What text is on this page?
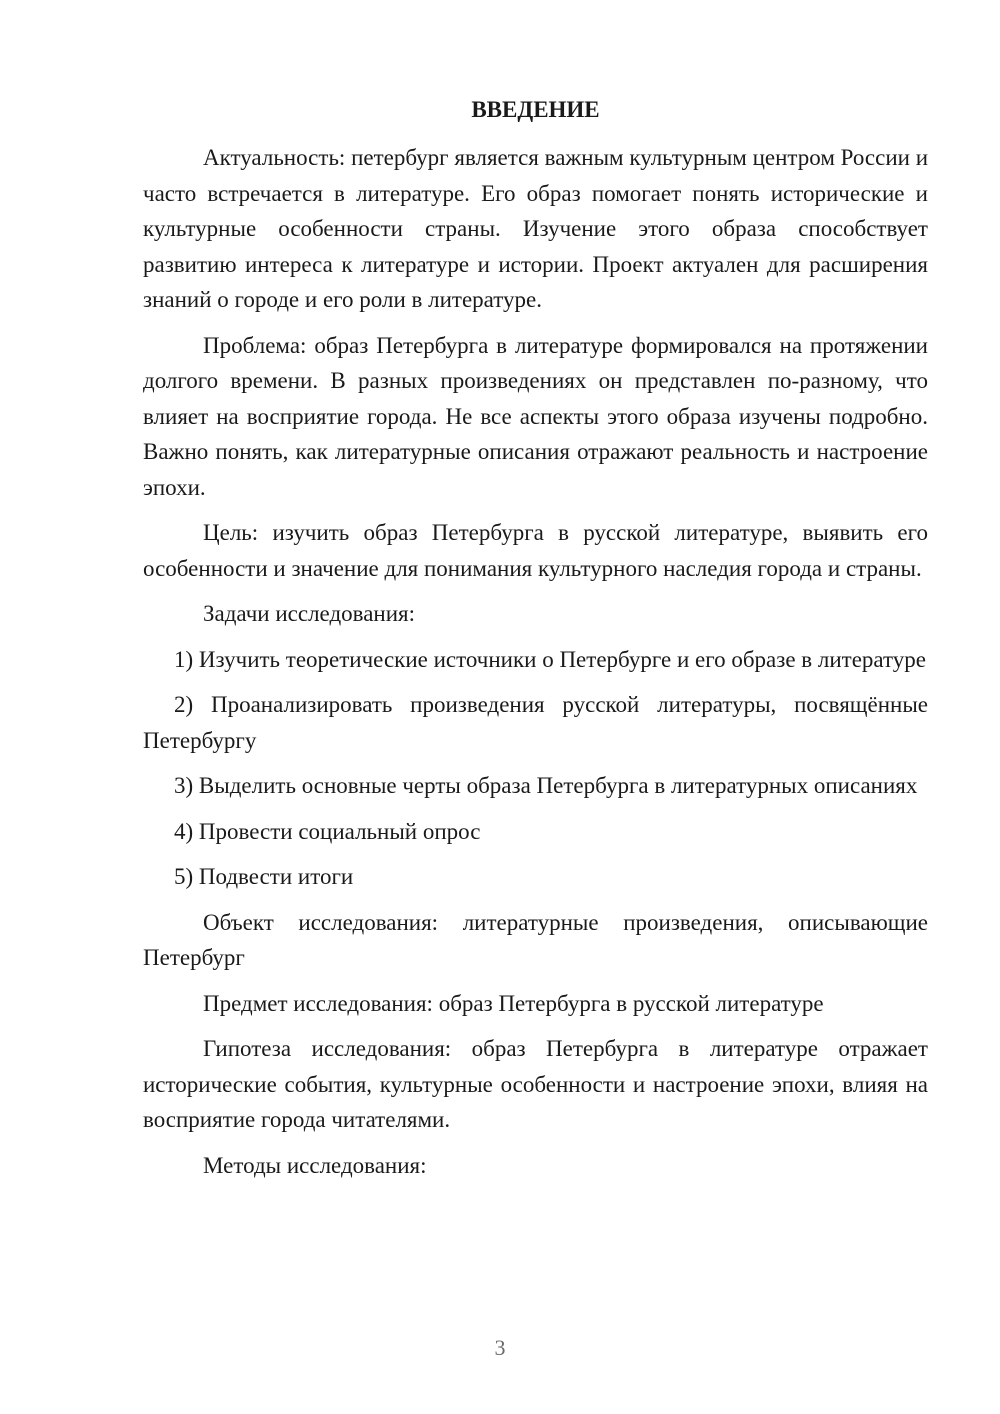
ВВЕДЕНИЕ

Актуальность: петербург является важным культурным центром России и часто встречается в литературе. Его образ помогает понять исторические и культурные особенности страны. Изучение этого образа способствует развитию интереса к литературе и истории. Проект актуален для расширения знаний о городе и его роли в литературе.

Проблема: образ Петербурга в литературе формировался на протяжении долгого времени. В разных произведениях он представлен по-разному, что влияет на восприятие города. Не все аспекты этого образа изучены подробно. Важно понять, как литературные описания отражают реальность и настроение эпохи.

Цель: изучить образ Петербурга в русской литературе, выявить его особенности и значение для понимания культурного наследия города и страны.

Задачи исследования:

1) Изучить теоретические источники о Петербурге и его образе в литературе

2) Проанализировать произведения русской литературы, посвящённые Петербургу

3) Выделить основные черты образа Петербурга в литературных описаниях

4) Провести социальный опрос

5) Подвести итоги

Объект исследования: литературные произведения, описывающие Петербург

Предмет исследования: образ Петербурга в русской литературе

Гипотеза исследования: образ Петербурга в литературе отражает исторические события, культурные особенности и настроение эпохи, влияя на восприятие города читателями.

Методы исследования:

3
